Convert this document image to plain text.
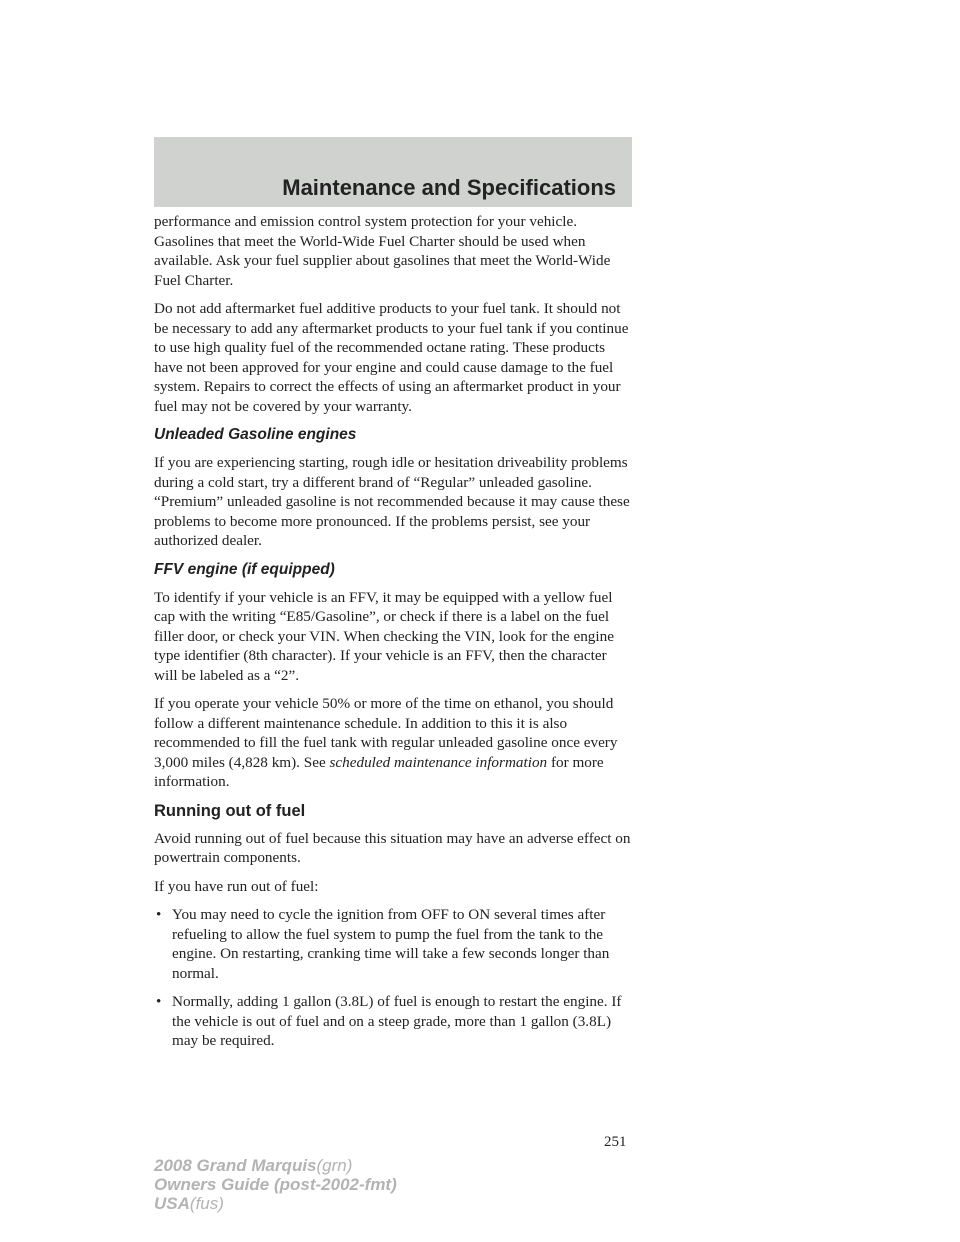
Maintenance and Specifications

performance and emission control system protection for your vehicle. Gasolines that meet the World-Wide Fuel Charter should be used when available. Ask your fuel supplier about gasolines that meet the World-Wide Fuel Charter.

Do not add aftermarket fuel additive products to your fuel tank. It should not be necessary to add any aftermarket products to your fuel tank if you continue to use high quality fuel of the recommended octane rating. These products have not been approved for your engine and could cause damage to the fuel system. Repairs to correct the effects of using an aftermarket product in your fuel may not be covered by your warranty.

Unleaded Gasoline engines

If you are experiencing starting, rough idle or hesitation driveability problems during a cold start, try a different brand of “Regular” unleaded gasoline. “Premium” unleaded gasoline is not recommended because it may cause these problems to become more pronounced. If the problems persist, see your authorized dealer.

FFV engine (if equipped)

To identify if your vehicle is an FFV, it may be equipped with a yellow fuel cap with the writing “E85/Gasoline”, or check if there is a label on the fuel filler door, or check your VIN. When checking the VIN, look for the engine type identifier (8th character). If your vehicle is an FFV, then the character will be labeled as a “2”.

If you operate your vehicle 50% or more of the time on ethanol, you should follow a different maintenance schedule. In addition to this it is also recommended to fill the fuel tank with regular unleaded gasoline once every 3,000 miles (4,828 km). See scheduled maintenance information for more information.

Running out of fuel

Avoid running out of fuel because this situation may have an adverse effect on powertrain components.

If you have run out of fuel:

• You may need to cycle the ignition from OFF to ON several times after refueling to allow the fuel system to pump the fuel from the tank to the engine. On restarting, cranking time will take a few seconds longer than normal.
• Normally, adding 1 gallon (3.8L) of fuel is enough to restart the engine. If the vehicle is out of fuel and on a steep grade, more than 1 gallon (3.8L) may be required.
251
2008 Grand Marquis(grn)
Owners Guide (post-2002-fmt)
USA(fus)
